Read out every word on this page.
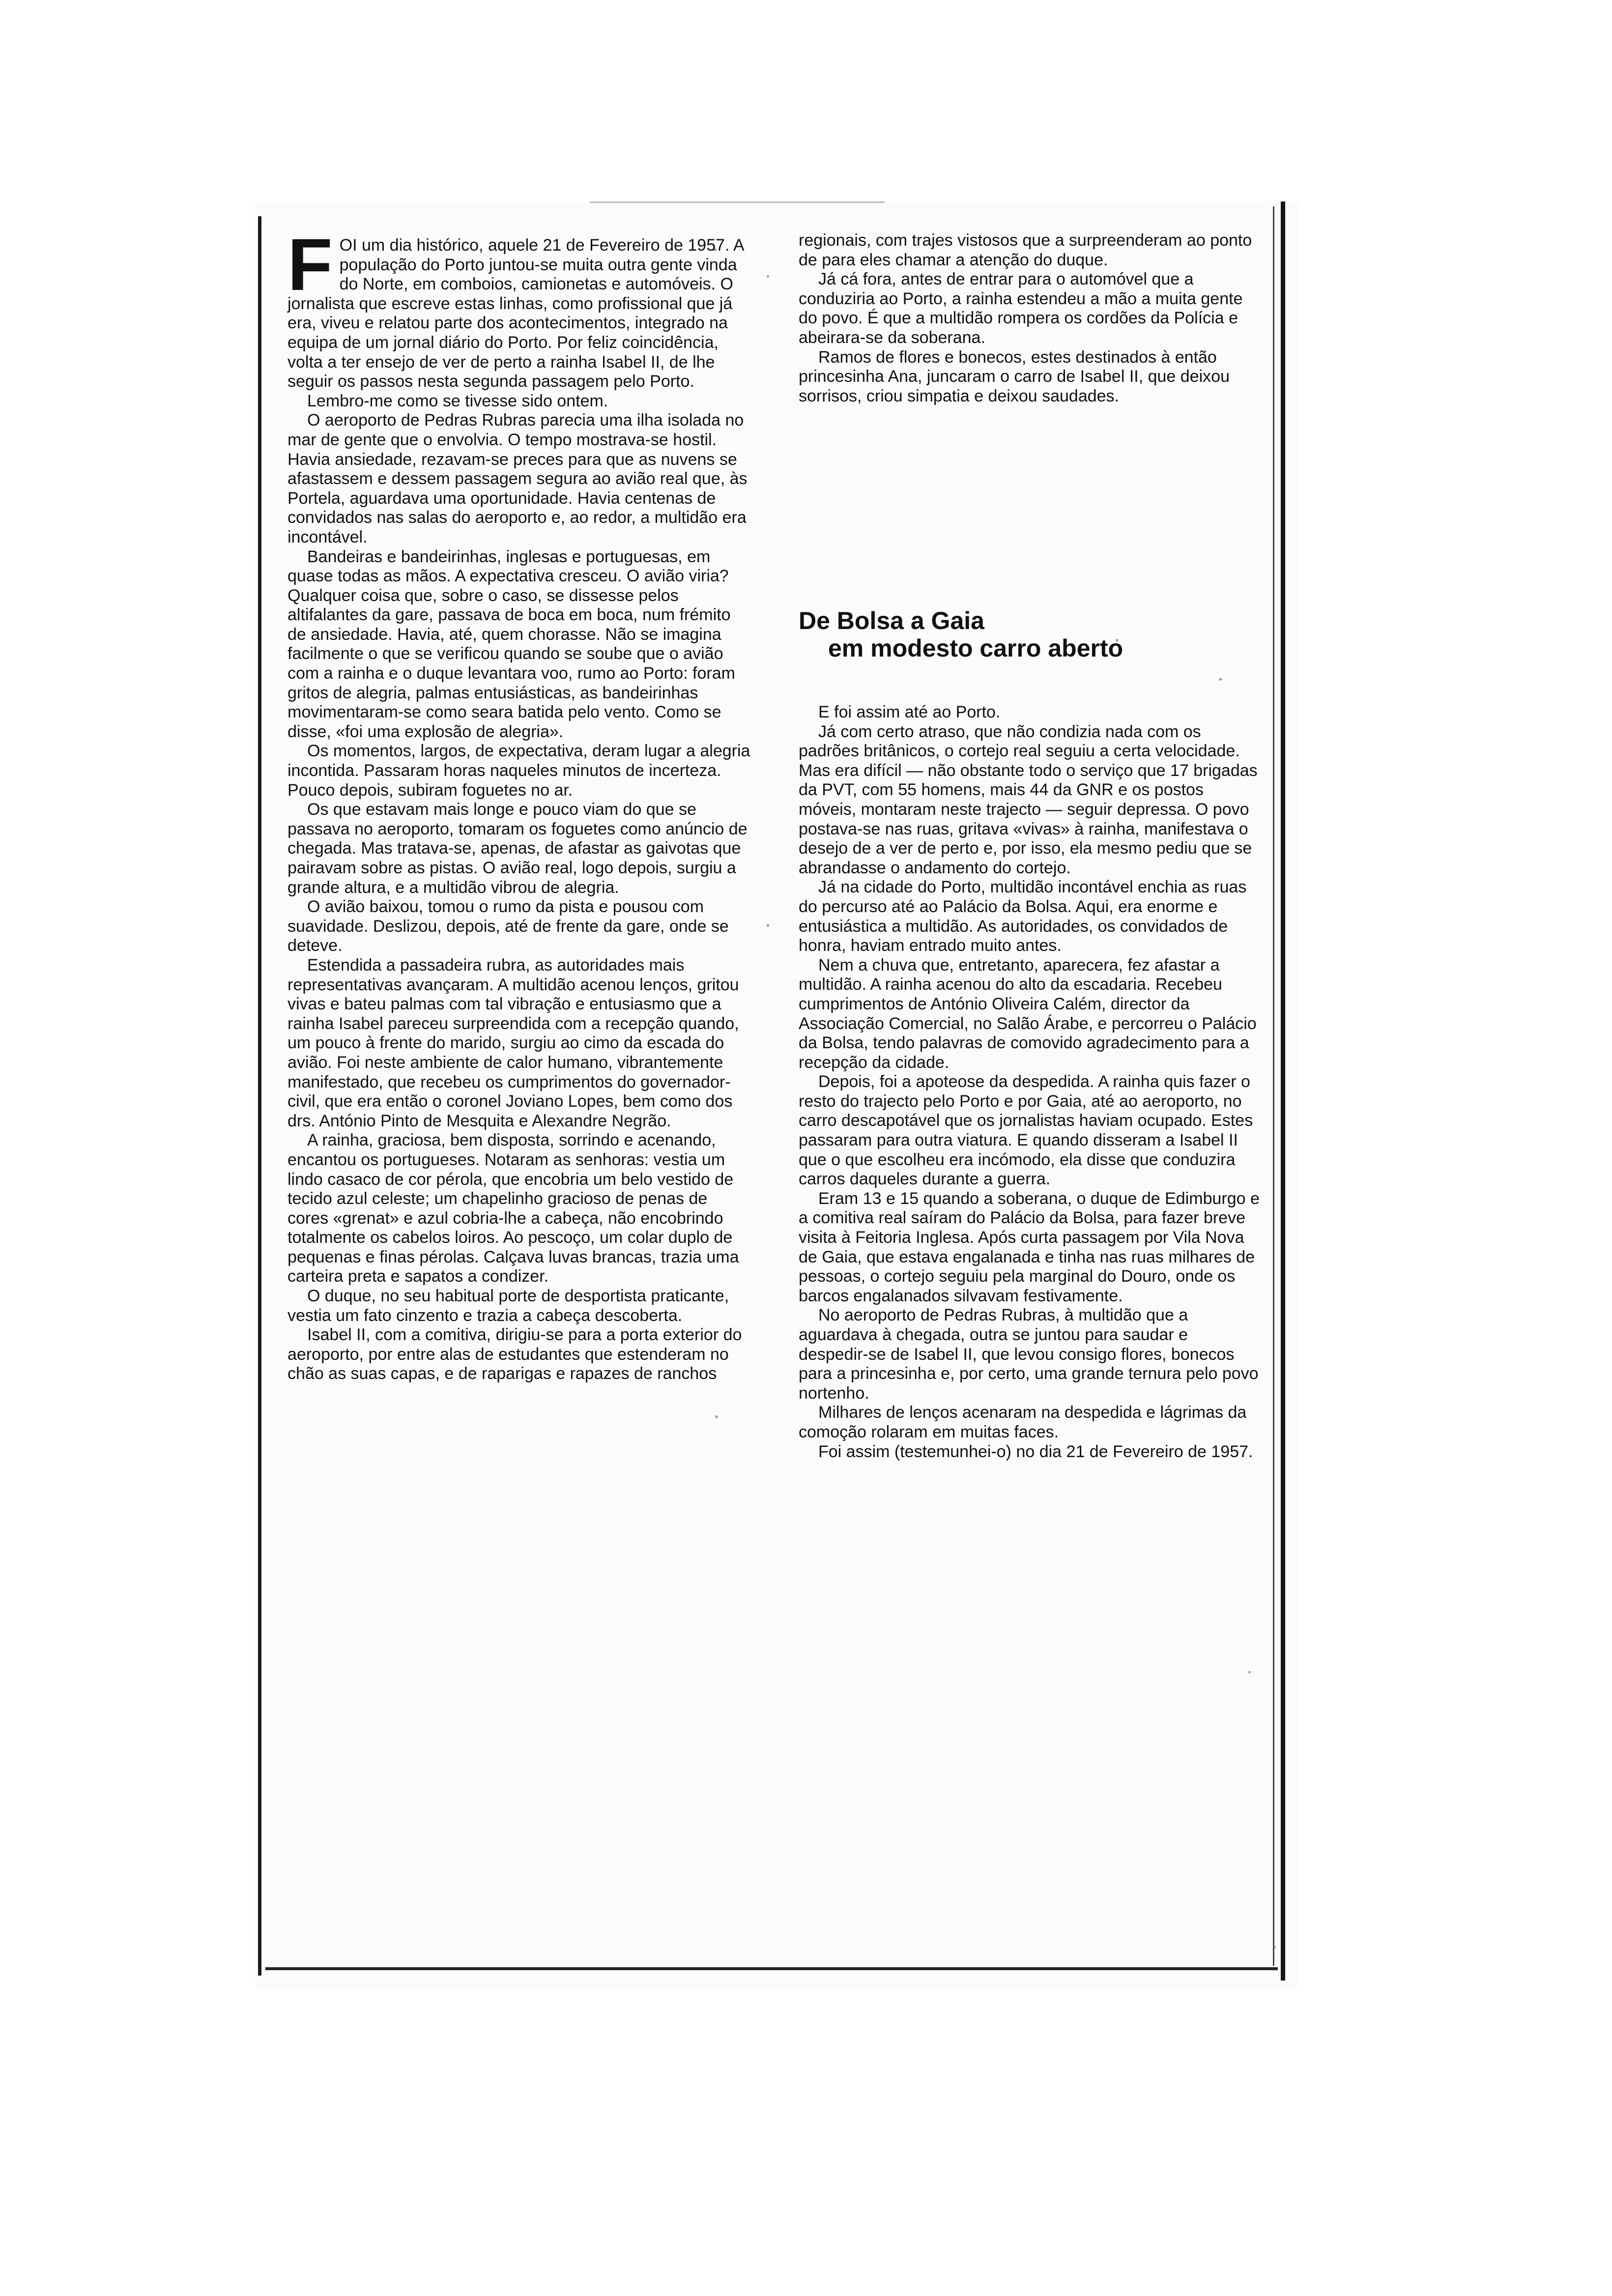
F OI um dia histórico, aquele 21 de Fevereiro de 1957. A população do Porto juntou-se muita outra gente vinda do Norte, em comboios, camionetas e automóveis. O jornalista que escreve estas linhas, como profissional que já era, viveu e relatou parte dos acontecimentos, integrado na equipa de um jornal diário do Porto. Por feliz coincidência, volta a ter ensejo de ver de perto a rainha Isabel II, de lhe seguir os passos nesta segunda passagem pelo Porto.

Lembro-me como se tivesse sido ontem.

O aeroporto de Pedras Rubras parecia uma ilha isolada no mar de gente que o envolvia. O tempo mostrava-se hostil. Havia ansiedade, rezavam-se preces para que as nuvens se afastassem e dessem passagem segura ao avião real que, às Portela, aguardava uma oportunidade. Havia centenas de convidados nas salas do aeroporto e, ao redor, a multidão era incontável.

Bandeiras e bandeirinhas, inglesas e portuguesas, em quase todas as mãos. A expectativa cresceu. O avião viria? Qualquer coisa que, sobre o caso, se dissesse pelos altifalantes da gare, passava de boca em boca, num frémito de ansiedade. Havia, até, quem chorasse. Não se imagina facilmente o que se verificou quando se soube que o avião com a rainha e o duque levantara voo, rumo ao Porto: foram gritos de alegria, palmas entusiásticas, as bandeirinhas movimentaram-se como seara batida pelo vento. Como se disse, «foi uma explosão de alegria».

Os momentos, largos, de expectativa, deram lugar a alegria incontida. Passaram horas naqueles minutos de incerteza. Pouco depois, subiram foguetes no ar.

Os que estavam mais longe e pouco viam do que se passava no aeroporto, tomaram os foguetes como anúncio de chegada. Mas tratava-se, apenas, de afastar as gaivotas que pairavam sobre as pistas. O avião real, logo depois, surgiu a grande altura, e a multidão vibrou de alegria.

O avião baixou, tomou o rumo da pista e pousou com suavidade. Deslizou, depois, até de frente da gare, onde se deteve.

Estendida a passadeira rubra, as autoridades mais representativas avançaram. A multidão acenou lenços, gritou vivas e bateu palmas com tal vibração e entusiasmo que a rainha Isabel pareceu surpreendida com a recepção quando, um pouco à frente do marido, surgiu ao cimo da escada do avião. Foi neste ambiente de calor humano, vibrantemente manifestado, que recebeu os cumprimentos do governador-civil, que era então o coronel Joviano Lopes, bem como dos drs. António Pinto de Mesquita e Alexandre Negrão.

A rainha, graciosa, bem disposta, sorrindo e acenando, encantou os portugueses. Notaram as senhoras: vestia um lindo casaco de cor pérola, que encobria um belo vestido de tecido azul celeste; um chapelinho gracioso de penas de cores «grenat» e azul cobria-lhe a cabeça, não encobrindo totalmente os cabelos loiros. Ao pescoço, um colar duplo de pequenas e finas pérolas. Calçava luvas brancas, trazia uma carteira preta e sapatos a condizer.

O duque, no seu habitual porte de desportista praticante, vestia um fato cinzento e trazia a cabeça descoberta.

Isabel II, com a comitiva, dirigiu-se para a porta exterior do aeroporto, por entre alas de estudantes que estenderam no chão as suas capas, e de raparigas e rapazes de ranchos

regionais, com trajes vistosos que a surpreenderam ao ponto de para eles chamar a atenção do duque.

Já cá fora, antes de entrar para o automóvel que a conduziria ao Porto, a rainha estendeu a mão a muita gente do povo. É que a multidão rompera os cordões da Polícia e abeirara-se da soberana.

Ramos de flores e bonecos, estes destinados à então princesinha Ana, juncaram o carro de Isabel II, que deixou sorrisos, criou simpatia e deixou saudades.

De Bolsa a Gaia
em modesto carro aberto

E foi assim até ao Porto.

Já com certo atraso, que não condizia nada com os padrões britânicos, o cortejo real seguiu a certa velocidade. Mas era difícil — não obstante todo o serviço que 17 brigadas da PVT, com 55 homens, mais 44 da GNR e os postos móveis, montaram neste trajecto — seguir depressa. O povo postava-se nas ruas, gritava «vivas» à rainha, manifestava o desejo de a ver de perto e, por isso, ela mesmo pediu que se abrandasse o andamento do cortejo.

Já na cidade do Porto, multidão incontável enchia as ruas do percurso até ao Palácio da Bolsa. Aqui, era enorme e entusiástica a multidão. As autoridades, os convidados de honra, haviam entrado muito antes.

Nem a chuva que, entretanto, aparecera, fez afastar a multidão. A rainha acenou do alto da escadaria. Recebeu cumprimentos de António Oliveira Calém, director da Associação Comercial, no Salão Árabe, e percorreu o Palácio da Bolsa, tendo palavras de comovido agradecimento para a recepção da cidade.

Depois, foi a apoteose da despedida. A rainha quis fazer o resto do trajecto pelo Porto e por Gaia, até ao aeroporto, no carro descapotável que os jornalistas haviam ocupado. Estes passaram para outra viatura. E quando disseram a Isabel II que o que escolheu era incómodo, ela disse que conduzira carros daqueles durante a guerra.

Eram 13 e 15 quando a soberana, o duque de Edimburgo e a comitiva real saíram do Palácio da Bolsa, para fazer breve visita à Feitoria Inglesa. Após curta passagem por Vila Nova de Gaia, que estava engalanada e tinha nas ruas milhares de pessoas, o cortejo seguiu pela marginal do Douro, onde os barcos engalanados silvavam festivamente.

No aeroporto de Pedras Rubras, à multidão que a aguardava à chegada, outra se juntou para saudar e despedir-se de Isabel II, que levou consigo flores, bonecos para a princesinha e, por certo, uma grande ternura pelo povo nortenho.

Milhares de lenços acenaram na despedida e lágrimas da comoção rolaram em muitas faces.

Foi assim (testemunhei-o) no dia 21 de Fevereiro de 1957.
